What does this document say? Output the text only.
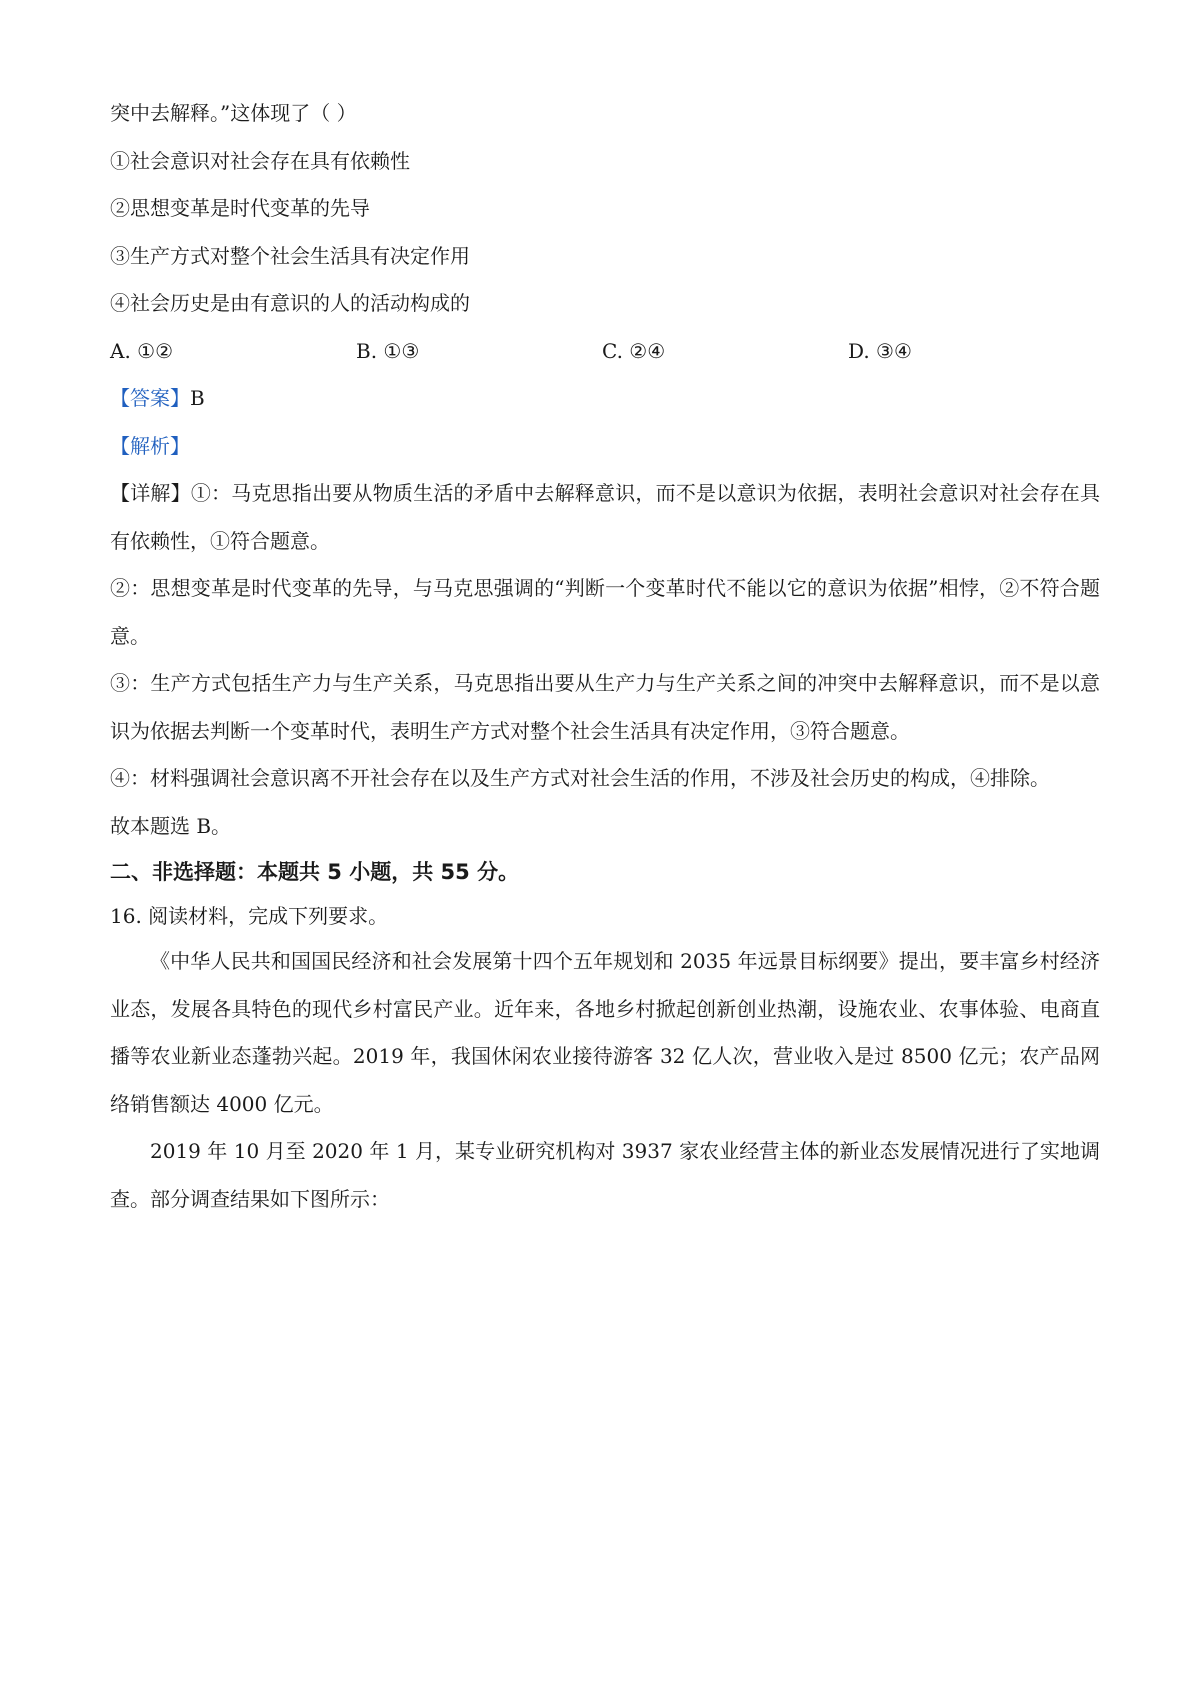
突中去解释。”这体现了（ ）
①社会意识对社会存在具有依赖性
②思想变革是时代变革的先导
③生产方式对整个社会生活具有决定作用
④社会历史是由有意识的人的活动构成的
A. ①②	B. ①③	C. ②④	D. ③④
【答案】B
【解析】

【详解】①：马克思指出要从物质生活的矛盾中去解释意识，而不是以意识为依据，表明社会意识对社会存在具有依赖性，①符合题意。

②：思想变革是时代变革的先导，与马克思强调的“判断一个变革时代不能以它的意识为依据”相悖，②不符合题意。

③：生产方式包括生产力与生产关系，马克思指出要从生产力与生产关系之间的冲突中去解释意识，而不是以意识为依据去判断一个变革时代，表明生产方式对整个社会生活具有决定作用，③符合题意。

④：材料强调社会意识离不开社会存在以及生产方式对社会生活的作用，不涉及社会历史的构成，④排除。

故本题选 B。

二、非选择题：本题共 5 小题，共 55 分。
16. 阅读材料，完成下列要求。

《中华人民共和国国民经济和社会发展第十四个五年规划和 2035 年远景目标纲要》提出，要丰富乡村经济业态，发展各具特色的现代乡村富民产业。近年来，各地乡村掀起创新创业热潮，设施农业、农事体验、电商直播等农业新业态蓬勃兴起。2019 年，我国休闲农业接待游客 32 亿人次，营业收入是过 8500 亿元；农产品网络销售额达 4000 亿元。

2019 年 10 月至 2020 年 1 月，某专业研究机构对 3937 家农业经营主体的新业态发展情况进行了实地调查。部分调查结果如下图所示：
